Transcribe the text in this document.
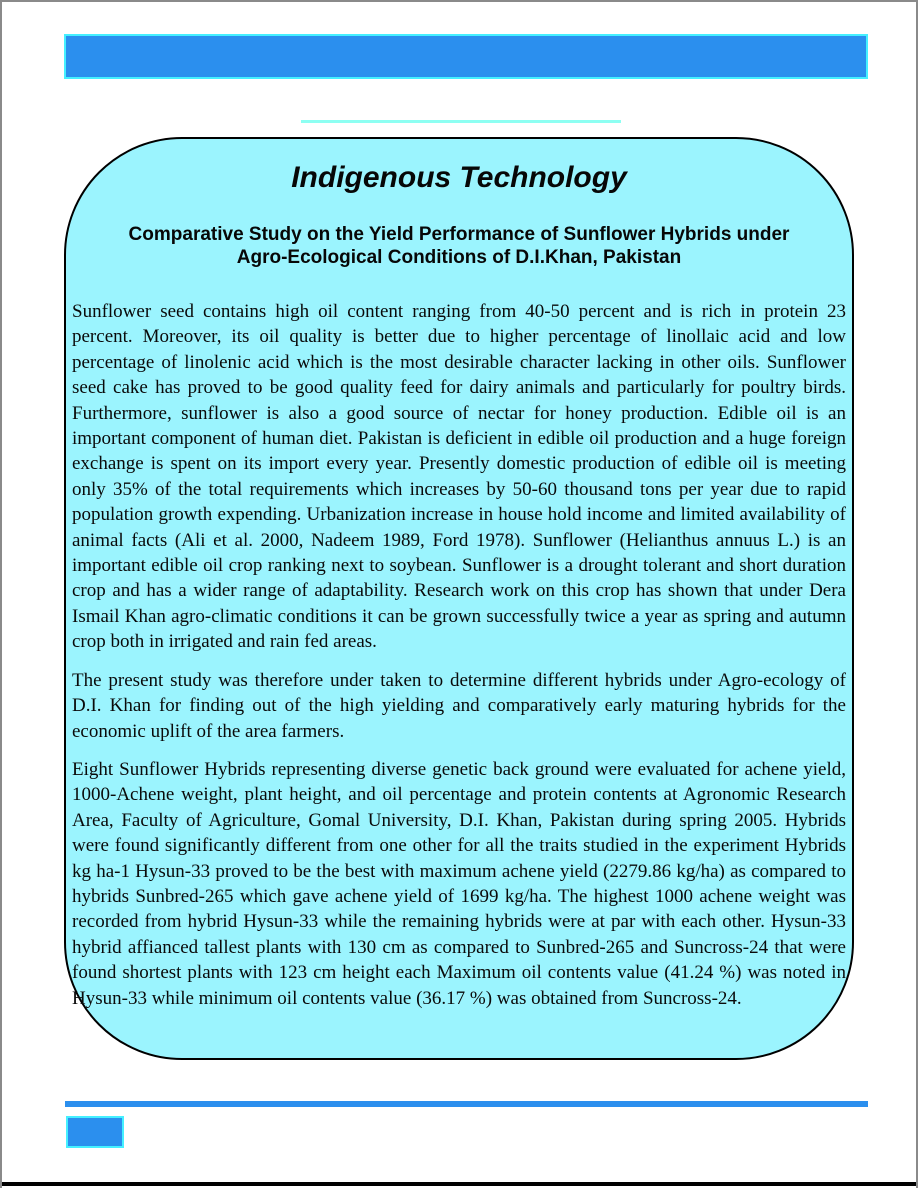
Indigenous Technology
Comparative Study on the Yield Performance of Sunflower Hybrids under Agro-Ecological Conditions of D.I.Khan, Pakistan

Sunflower seed contains high oil content ranging from 40-50 percent and is rich in protein 23 percent. Moreover, its oil quality is better due to higher percentage of linollaic acid and low percentage of linolenic acid which is the most desirable character lacking in other oils. Sunflower seed cake has proved to be good quality feed for dairy animals and particularly for poultry birds. Furthermore, sunflower is also a good source of nectar for honey production. Edible oil is an important component of human diet. Pakistan is deficient in edible oil production and a huge foreign exchange is spent on its import every year. Presently domestic production of edible oil is meeting only 35% of the total requirements which increases by 50-60 thousand tons per year due to rapid population growth expending. Urbanization increase in house hold income and limited availability of animal facts (Ali et al. 2000, Nadeem 1989, Ford 1978). Sunflower (Helianthus annuus L.) is an important edible oil crop ranking next to soybean. Sunflower is a drought tolerant and short duration crop and has a wider range of adaptability. Research work on this crop has shown that under Dera Ismail Khan agro-climatic conditions it can be grown successfully twice a year as spring and autumn crop both in irrigated and rain fed areas.

The present study was therefore under taken to determine different hybrids under Agro-ecology of D.I. Khan for finding out of the high yielding and comparatively early maturing hybrids for the economic uplift of the area farmers.

Eight Sunflower Hybrids representing diverse genetic back ground were evaluated for achene yield, 1000-Achene weight, plant height, and oil percentage and protein contents at Agronomic Research Area, Faculty of Agriculture, Gomal University, D.I. Khan, Pakistan during spring 2005. Hybrids were found significantly different from one other for all the traits studied in the experiment Hybrids kg ha-1 Hysun-33 proved to be the best with maximum achene yield (2279.86 kg/ha) as compared to hybrids Sunbred-265 which gave achene yield of 1699 kg/ha. The highest 1000 achene weight was recorded from hybrid Hysun-33 while the remaining hybrids were at par with each other. Hysun-33 hybrid affianced tallest plants with 130 cm as compared to Sunbred-265 and Suncross-24 that were found shortest plants with 123 cm height each Maximum oil contents value (41.24 %) was noted in Hysun-33 while minimum oil contents value (36.17 %) was obtained from Suncross-24.
